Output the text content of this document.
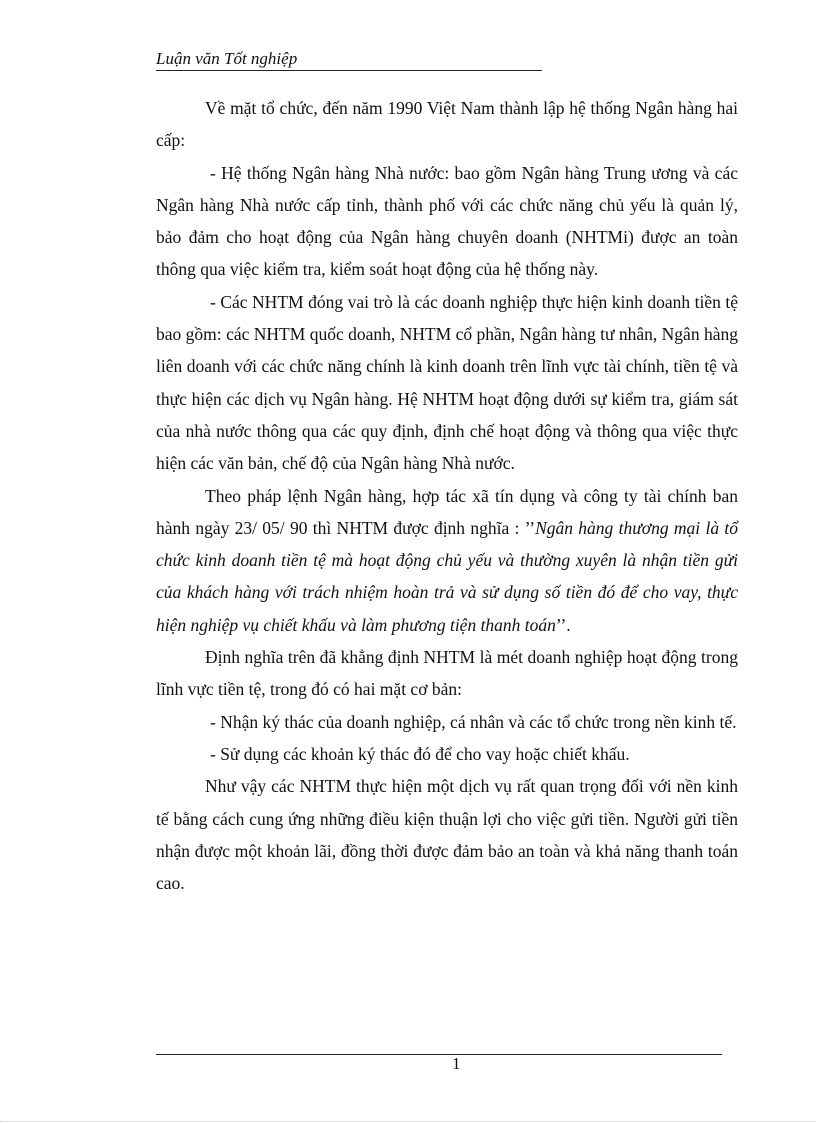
Luận văn Tốt nghiệp

Về mặt tổ chức, đến năm 1990 Việt Nam thành lập hệ thống Ngân hàng hai cấp:

- Hệ thống Ngân hàng Nhà nước: bao gồm Ngân hàng Trung ương và các Ngân hàng Nhà nước cấp tỉnh, thành phố với các chức năng chủ yếu là quản lý, bảo đảm cho hoạt động của Ngân hàng chuyên doanh (NHTMi) được an toàn thông qua việc kiểm tra, kiểm soát hoạt động của hệ thống này.

- Các NHTM đóng vai trò là các doanh nghiệp thực hiện kinh doanh tiền tệ bao gồm: các NHTM quốc doanh, NHTM cổ phần, Ngân hàng tư nhân, Ngân hàng liên doanh với các chức năng chính là kinh doanh trên lĩnh vực tài chính, tiền tệ và thực hiện các dịch vụ Ngân hàng. Hệ NHTM hoạt động dưới sự kiểm tra, giám sát của nhà nước thông qua các quy định, định chế hoạt động và thông qua việc thực hiện các văn bản, chế độ của Ngân hàng Nhà nước.

Theo pháp lệnh Ngân hàng, hợp tác xã tín dụng và công ty tài chính ban hành ngày 23/ 05/ 90 thì NHTM được định nghĩa : ’’Ngân hàng thương mại là tổ chức kinh doanh tiền tệ mà hoạt động chủ yếu và thường xuyên là nhận tiền gửi của khách hàng với trách nhiệm hoàn trả và sử dụng số tiền đó để cho vay, thực hiện nghiệp vụ chiết khấu và làm phương tiện thanh toán’’.

Định nghĩa trên đã khẳng định NHTM là mét doanh nghiệp hoạt động trong lĩnh vực tiền tệ, trong đó có hai mặt cơ bản:

- Nhận ký thác của doanh nghiệp, cá nhân và các tổ chức trong nền kinh tế.

- Sử dụng các khoản ký thác đó để cho vay hoặc chiết khấu.

Như vậy các NHTM thực hiện một dịch vụ rất quan trọng đối với nền kinh tế bằng cách cung ứng những điều kiện thuận lợi cho việc gửi tiền. Người gửi tiền nhận được một khoản lãi, đồng thời được đảm bảo an toàn và khả năng thanh toán cao.

1
